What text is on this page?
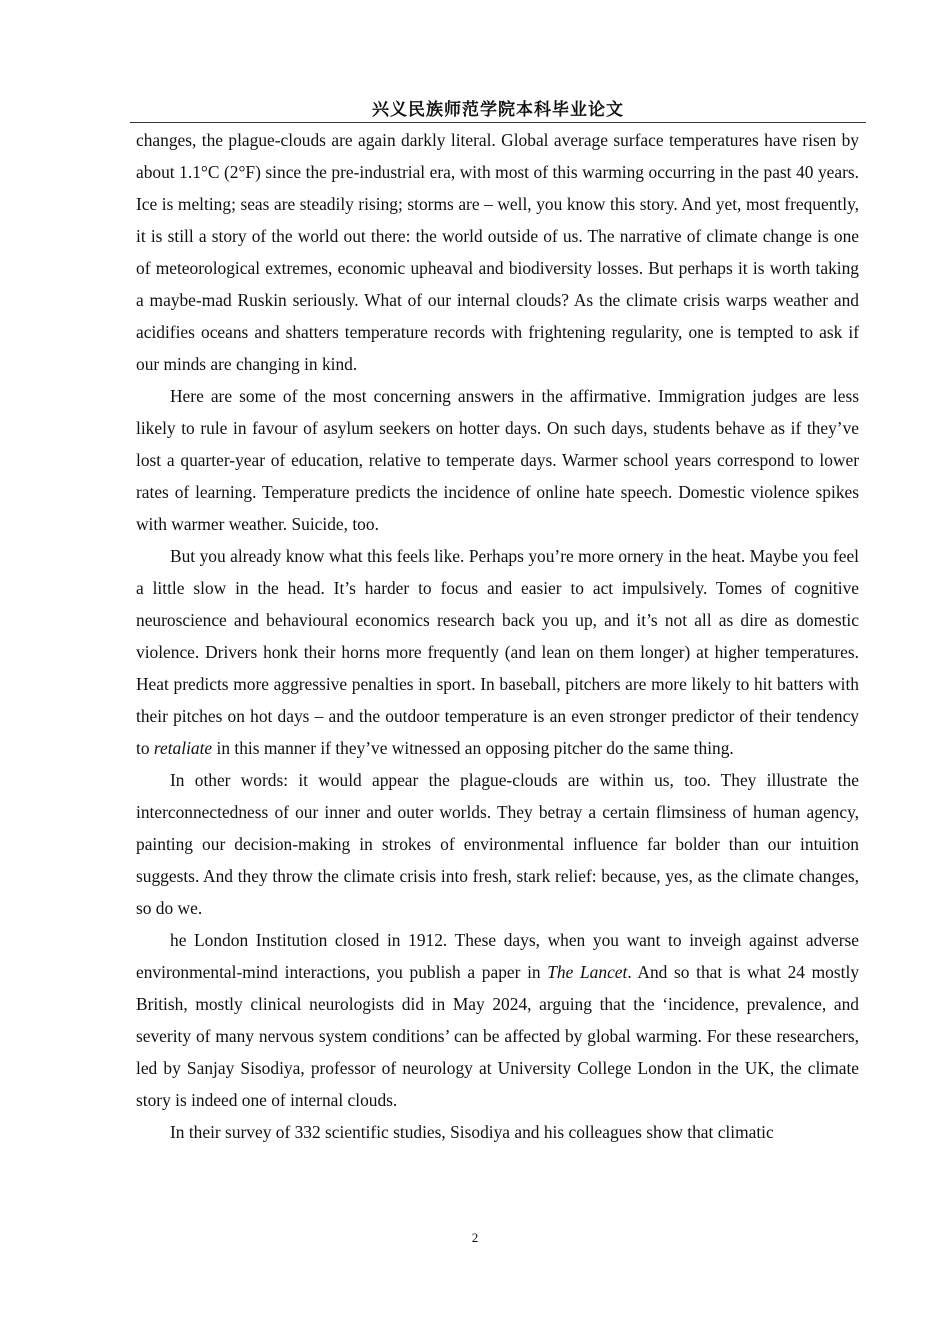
兴义民族师范学院本科毕业论文

changes, the plague-clouds are again darkly literal. Global average surface temperatures have risen by about 1.1°C (2°F) since the pre-industrial era, with most of this warming occurring in the past 40 years. Ice is melting; seas are steadily rising; storms are – well, you know this story. And yet, most frequently, it is still a story of the world out there: the world outside of us. The narrative of climate change is one of meteorological extremes, economic upheaval and biodiversity losses. But perhaps it is worth taking a maybe-mad Ruskin seriously. What of our internal clouds? As the climate crisis warps weather and acidifies oceans and shatters temperature records with frightening regularity, one is tempted to ask if our minds are changing in kind.

Here are some of the most concerning answers in the affirmative. Immigration judges are less likely to rule in favour of asylum seekers on hotter days. On such days, students behave as if they’ve lost a quarter-year of education, relative to temperate days. Warmer school years correspond to lower rates of learning. Temperature predicts the incidence of online hate speech. Domestic violence spikes with warmer weather. Suicide, too.

But you already know what this feels like. Perhaps you’re more ornery in the heat. Maybe you feel a little slow in the head. It’s harder to focus and easier to act impulsively. Tomes of cognitive neuroscience and behavioural economics research back you up, and it’s not all as dire as domestic violence. Drivers honk their horns more frequently (and lean on them longer) at higher temperatures. Heat predicts more aggressive penalties in sport. In baseball, pitchers are more likely to hit batters with their pitches on hot days – and the outdoor temperature is an even stronger predictor of their tendency to retaliate in this manner if they’ve witnessed an opposing pitcher do the same thing.

In other words: it would appear the plague-clouds are within us, too. They illustrate the interconnectedness of our inner and outer worlds. They betray a certain flimsiness of human agency, painting our decision-making in strokes of environmental influence far bolder than our intuition suggests. And they throw the climate crisis into fresh, stark relief: because, yes, as the climate changes, so do we.

he London Institution closed in 1912. These days, when you want to inveigh against adverse environmental-mind interactions, you publish a paper in The Lancet. And so that is what 24 mostly British, mostly clinical neurologists did in May 2024, arguing that the ‘incidence, prevalence, and severity of many nervous system conditions’ can be affected by global warming. For these researchers, led by Sanjay Sisodiya, professor of neurology at University College London in the UK, the climate story is indeed one of internal clouds.

In their survey of 332 scientific studies, Sisodiya and his colleagues show that climatic

2
